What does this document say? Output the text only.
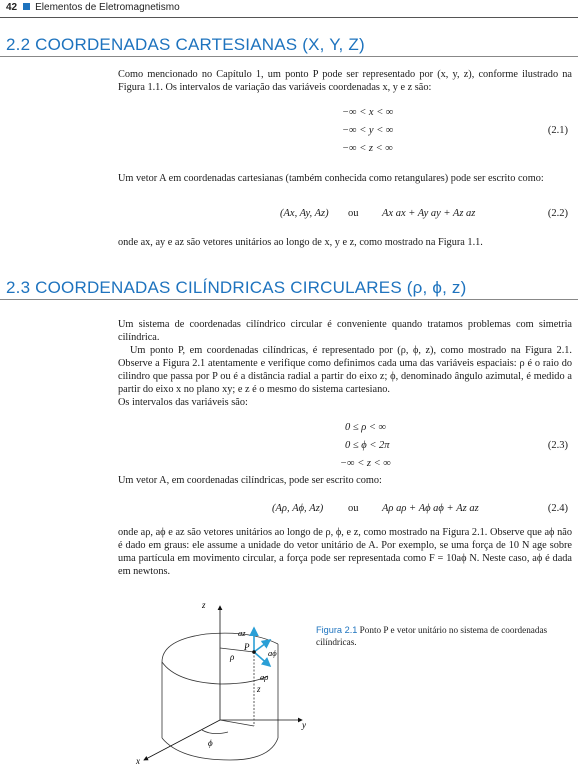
42 Elementos de Eletromagnetismo
2.2 COORDENADAS CARTESIANAS (X, Y, Z)
Como mencionado no Capítulo 1, um ponto P pode ser representado por (x, y, z), conforme ilustrado na Figura 1.1. Os intervalos de variação das variáveis coordenadas x, y e z são:
−∞ < x < ∞
−∞ < y < ∞
−∞ < z < ∞
(2.1)
Um vetor A em coordenadas cartesianas (também conhecida como retangulares) pode ser escrito como:
(Ax, Ay, Az) ou Ax ax + Ay ay + Az az	(2.2)
onde ax, ay e az são vetores unitários ao longo de x, y e z, como mostrado na Figura 1.1.
2.3 COORDENADAS CILÍNDRICAS CIRCULARES (ρ, ϕ, z)
Um sistema de coordenadas cilíndrico circular é conveniente quando tratamos problemas com simetria cilíndrica.
Um ponto P, em coordenadas cilíndricas, é representado por (ρ, ϕ, z), como mostrado na Figura 2.1. Observe a Figura 2.1 atentamente e verifique como definimos cada uma das variáveis espaciais: ρ é o raio do cilindro que passa por P ou é a distância radial a partir do eixo z; ϕ, denominado ângulo azimutal, é medido a partir do eixo x no plano xy; e z é o mesmo do sistema cartesiano.
Os intervalos das variáveis são:
0 ≤ ρ < ∞
0 ≤ ϕ < 2π
−∞ < z < ∞
(2.3)
Um vetor A, em coordenadas cilíndricas, pode ser escrito como:
(Aρ, Aϕ, Az) ou Aρ aρ + Aϕ aϕ + Az az	(2.4)
onde aρ, aϕ e az são vetores unitários ao longo de ρ, ϕ, e z, como mostrado na Figura 2.1. Observe que aϕ não é dado em graus: ele assume a unidade do vetor unitário de A. Por exemplo, se uma força de 10 N age sobre uma partícula em movimento circular, a força pode ser representada como F = 10aϕ N. Neste caso, aϕ é dada em newtons.
z
y
x
P
ρ
ϕ
z
az
aϕ
aρ
Figura 2.1 Ponto P e vetor unitário no sistema de coordenadas cilíndricas.
